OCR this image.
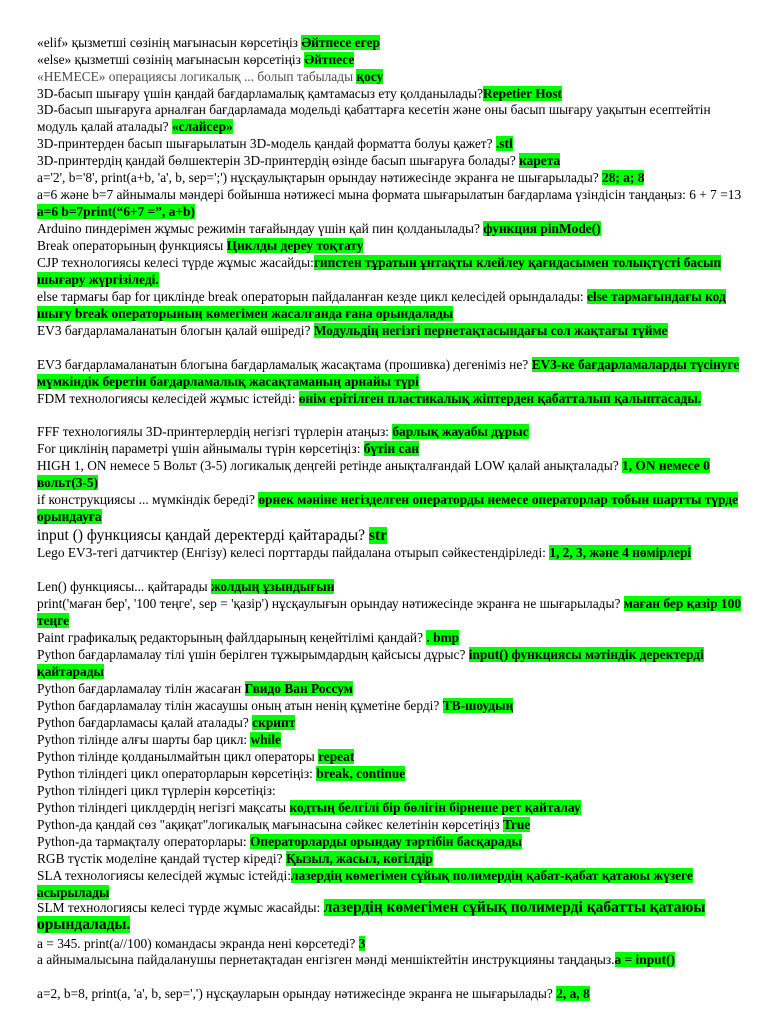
«elif» қызметші сөзінің мағынасын көрсетіңіз Әйтпесе егер
«else» қызметші сөзінің мағынасын көрсетіңіз Әйтпесе
«НЕМЕСЕ» операциясы логикалық ... болып табылады қосу
3D-басып шығару үшін қандай бағдарламалық қамтамасыз ету қолданылады?Repetier Host
3D-басып шығаруға арналған бағдарламада модельді қабаттарға кесетін және оны басып шығару уақытын есептейтін модуль қалай аталады? «слайсер»
3D-принтерден басып шығарылатын 3D-модель қандай форматта болуы қажет? .stl
3D-принтердің қандай бөлшектерін 3D-принтердің өзінде басып шығаруға болады? карета
a='2', b='8', print(a+b, 'a', b, sep=';') нұсқаулықтарын орындау нәтижесінде экранға не шығарылады? 28; a; 8
a=6 және b=7 айнымалы мәндері бойынша нәтижесі мына формата шығарылатын бағдарлама үзіндісін таңдаңыз: 6 + 7 =13 a=6 b=7print(“6+7 =”, a+b)
Arduino пиндерімен жұмыс режимін тағайындау үшін қай пин қолданылады? функция pinMode()
Break операторының функциясы Циклды дереу тоқтату
CJP технологиясы келесі түрде жұмыс жасайды:гипстен тұратын ұнтақты клейлеу қағидасымен толықтүсті басып шығару жүргізіледі.
else тармағы бар for циклінде break операторын пайдаланған кезде цикл келесідей орындалады: else тармағындағы код шығу break операторының көмегімен жасалғанда ғана орындалады
EV3 бағдарламаланатын блогын қалай өшіреді? Модульдің негізгі пернетақтасындағы сол жақтағы түйме
EV3 бағдарламаланатын блогына бағдарламалық жасақтама (прошивка) дегеніміз не? EV3-ке бағдарламаларды түсінуге мүмкіндік беретін бағдарламалық жасақтаманың арнайы түрі
FDM технологиясы келесідей жұмыс істейді: өнім ерітілген пластикалық жіптерден қабатталып қалыптасады.
FFF технологиялы 3D-принтерлердің негізгі түрлерін атаңыз: барлық жауабы дұрыс
For циклінің параметрі үшін айнымалы түрін көрсетіңіз: бүтін сан
HIGH 1, ON немесе 5 Вольт (3-5) логикалық деңгейі ретінде анықталғандай LOW қалай анықталады? 1, ON немесе 0 вольт(3-5)
if конструкциясы ... мүмкіндік береді? өрнек мәніне негізделген операторды немесе операторлар тобын шартты түрде орындауға
input () функциясы қандай деректерді қайтарады? str
Lego EV3-тегі датчиктер (Енгізу) келесі порттарды пайдалана отырып сәйкестендіріледі: 1, 2, 3, және 4 нөмірлері
Len() функциясы... қайтарады жолдың ұзындығын
print('маған бер', '100 теңге', sep = 'қазір') нұсқаулығын орындау нәтижесінде экранға не шығарылады? маған бер қазір 100 теңге
Paint графикалық редакторының файлдарының кеңейтілімі қандай? . bmp
Python бағдарламалау тілі үшін берілген тұжырымдардың қайсысы дұрыс? input() функциясы мәтіндік деректерді қайтарады
Python бағдарламалау тілін жасаған Гвидо Ван Россум
Python бағдарламалау тілін жасаушы оның атын ненің құметіне берді? ТВ-шоудың
Python бағдарламасы қалай аталады? скрипт
Python тілінде алғы шарты бар цикл: while
Python тілінде қолданылмайтын цикл операторы repeat
Python тіліндегі цикл операторларын көрсетіңіз: break, continue
Python тіліндегі цикл түрлерін көрсетіңіз:
Python тіліндегі циклдердің негізгі мақсаты кодтың белгілі бір бөлігін бірнеше рет қайталау
Python-да қандай сөз "ақиқат"логикалық мағынасына сәйкес келетінін көрсетіңіз True
Python-да тармақталу операторлары: Операторларды орындау тәртібін басқарады
RGB түстік моделіне қандай түстер кіреді? Қызыл, жасыл, көгілдір
SLA технологиясы келесідей жұмыс істейді:лазердің көмегімен сұйық полимердің қабат-қабат қатаюы жүзеге асырылады
SLM технологиясы келесі түрде жұмыс жасайды: лазердің көмегімен сұйық полимерді қабатты қатаюы орындалады.
a = 345. print(a//100) командасы экранда нені көрсетеді? 3
a айнымалысына пайдаланушы пернетақтадан енгізген мәнді меншіктейтін инструкцияны таңдаңыз.a = input()
a=2, b=8, print(a, 'a', b, sep=',') нұсқауларын орындау нәтижесінде экранға не шығарылады? 2, a, 8
